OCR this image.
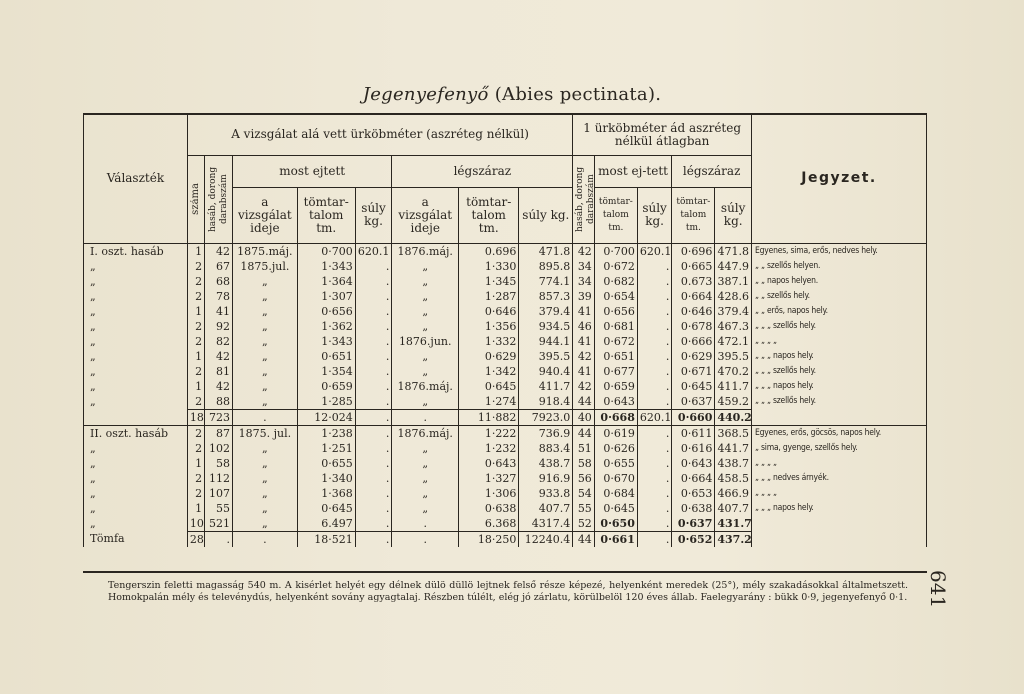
Jegenyefenyő (Abies pectinata).
Választék	A vizsgálat alá vett ürköbméter (aszréteg nélkül)								1 ürköbméter ád aszréteg nélkül átlagban					Jegyzet.

	száma	hasáb, dorong darabszám	most ejtett			légszáraz			hasáb, dorong darabszám	most ej-tett		légszáraz		
			a vizsgálat ideje	tömtar-talom tm.	súly kg.	a vizsgálat ideje	tömtar-talom tm.	súly kg.		tömtar-talom tm.	súly kg.	tömtar-talom tm.	súly kg.	
I. oszt. hasáb	1	42	1875.máj.	0·700	620.1	1876.máj.	0.696	471.8	42	0·700	620.1	0·696	471.8	Egyenes, sima, erős, nedves hely.
„	2	67	1875.jul.	1·343	.	„	1·330	895.8	34	0·672	.	0·665	447.9	„ „ szellős helyen.
„	2	68	„	1·364	.	„	1·345	774.1	34	0·682	.	0.673	387.1	„ „ napos helyen.
„	2	78	„	1·307	.	„	1·287	857.3	39	0·654	.	0·664	428.6	„ „ szellős hely.
„	1	41	„	0·656	.	„	0·646	379.4	41	0·656	.	0·646	379.4	„ „ erős, napos hely.
„	2	92	„	1·362	.	„	1·356	934.5	46	0·681	.	0·678	467.3	„ „ „ szellős hely.
„	2	82	„	1·343	.	1876.jun.	1·332	944.1	41	0·672	.	0·666	472.1	„ „ „ „
„	1	42	„	0·651	.	„	0·629	395.5	42	0·651	.	0·629	395.5	„ „ „ napos hely.
„	2	81	„	1·354	.	„	1·342	940.4	41	0·677	.	0·671	470.2	„ „ „ szellős hely.
„	1	42	„	0·659	.	1876.máj.	0·645	411.7	42	0·659	.	0·645	411.7	„ „ „ napos hely.
„	2	88	„	1·285	.	„	1·274	918.4	44	0·643	.	0·637	459.2	„ „ „ szellős hely.
	18	723	.	12·024	.	.	11·882	7923.0	40	0·668	620.1	0·660	440.2	
II. oszt. hasáb	2	87	1875. jul.	1·238	.	1876.máj.	1·222	736.9	44	0·619	.	0·611	368.5	Egyenes, erős, göcsös, napos hely.
„	2	102	„	1·251	.	„	1·232	883.4	51	0·626	.	0·616	441.7	„ sima, gyenge, szellős hely.
„	1	58	„	0·655	.	„	0·643	438.7	58	0·655	.	0·643	438.7	„ „ „ „
„	2	112	„	1·340	.	„	1·327	916.9	56	0·670	.	0·664	458.5	„ „ „ nedves árnyék.
„	2	107	„	1·368	.	„	1·306	933.8	54	0·684	.	0·653	466.9	„ „ „ „
„	1	55	„	0·645	.	„	0·638	407.7	55	0·645	.	0·638	407.7	„ „ „ napos hely.
„	10	521	„	6.497	.	.	6.368	4317.4	52	0·650	.	0·637	431.7	
Tömfa	28	.	.	18·521	.	.	18·250	12240.4	44	0·661	.	0·652	437.2	
Tengerszin feletti magasság 540 m. A kisérlet helyét egy délnek dülö düllö lejtnek felső része képezé, helyenként meredek (25°), mély szakadásokkal általmetszett. Homokpalán mély és televénydús, helyenként sovány agyagtalaj. Részben túlélt, elég jó zárlatu, körülbelöl 120 éves állab. Faelegyarány : bükk 0·9, jegenyefenyő 0·1. 641
